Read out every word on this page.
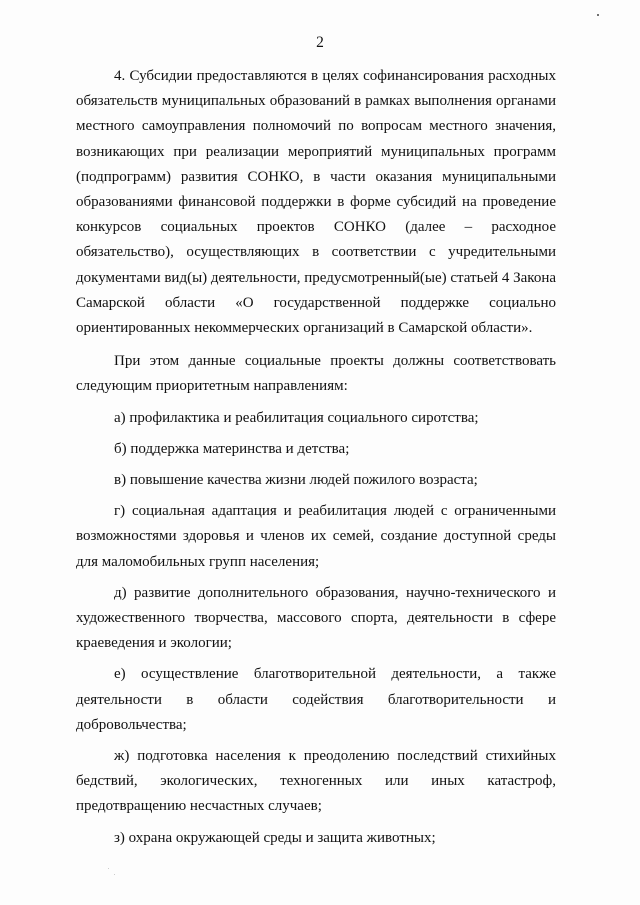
2

4. Субсидии предоставляются в целях софинансирования расходных обязательств муниципальных образований в рамках выполнения органами местного самоуправления полномочий по вопросам местного значения, возникающих при реализации мероприятий муниципальных программ (подпрограмм) развития СОНКО, в части оказания муниципальными образованиями финансовой поддержки в форме субсидий на проведение конкурсов социальных проектов СОНКО (далее – расходное обязательство), осуществляющих в соответствии с учредительными документами вид(ы) деятельности, предусмотренный(ые) статьей 4 Закона Самарской области «О государственной поддержке социально ориентированных некоммерческих организаций в Самарской области».

При этом данные социальные проекты должны соответствовать следующим приоритетным направлениям:

а) профилактика и реабилитация социального сиротства;

б) поддержка материнства и детства;

в) повышение качества жизни людей пожилого возраста;

г) социальная адаптация и реабилитация людей с ограниченными возможностями здоровья и членов их семей, создание доступной среды для маломобильных групп населения;

д) развитие дополнительного образования, научно-технического и художественного творчества, массового спорта, деятельности в сфере краеведения и экологии;

е) осуществление благотворительной деятельности, а также деятельности в области содействия благотворительности и добровольчества;

ж) подготовка населения к преодолению последствий стихийных бедствий, экологических, техногенных или иных катастроф, предотвращению несчастных случаев;

з) охрана окружающей среды и защита животных;
